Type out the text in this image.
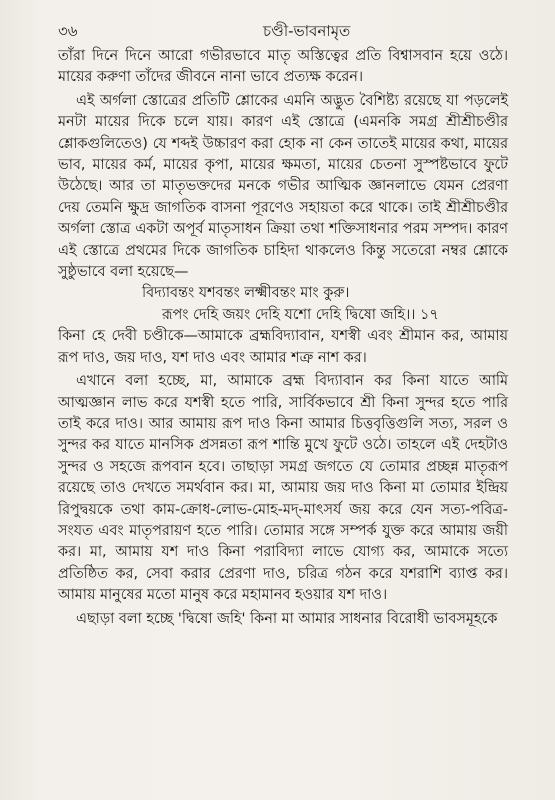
৩৬	চণ্ডী-ভাবনামৃত

তাঁরা দিনে দিনে আরো গভীরভাবে মাতৃ অস্তিত্বের প্রতি বিশ্বাসবান হয়ে ওঠে। মায়ের করুণা তাঁদের জীবনে নানা ভাবে প্রত্যক্ষ করেন।

এই অর্গলা স্তোত্রের প্রতিটি শ্লোকের এমনি অদ্ভুত বৈশিষ্ট্য রয়েছে যা পড়লেই মনটা মায়ের দিকে চলে যায়। কারণ এই স্তোত্রে (এমনকি সমগ্র শ্রীশ্রীচণ্ডীর শ্লোকগুলিতেও) যে শব্দই উচ্চারণ করা হোক না কেন তাতেই মায়ের কথা, মায়ের ভাব, মায়ের কর্ম, মায়ের কৃপা, মায়ের ক্ষমতা, মায়ের চেতনা সুস্পষ্টভাবে ফুটে উঠেছে। আর তা মাতৃভক্তদের মনকে গভীর আত্মিক জ্ঞানলাভে যেমন প্রেরণা দেয় তেমনি ক্ষুদ্র জাগতিক বাসনা পূরণেও সহায়তা করে থাকে। তাই শ্রীশ্রীচণ্ডীর অর্গলা স্তোত্র একটা অপূর্ব মাতৃসাধন ক্রিয়া তথা শক্তিসাধনার পরম সম্পদ। কারণ এই স্তোত্রে প্রথমের দিকে জাগতিক চাহিদা থাকলেও কিন্তু সতেরো নম্বর শ্লোকে সুষ্ঠুভাবে বলা হয়েছে—

বিদ্যাবন্তং যশবন্তং লক্ষ্মীবন্তং মাং কুরু।
রূপং দেহি জয়ং দেহি যশো দেহি দ্বিষো জহি।। ১৭

কিনা হে দেবী চণ্ডীকে—আমাকে ব্রহ্মবিদ্যাবান, যশস্বী এবং শ্রীমান কর, আমায় রূপ দাও, জয় দাও, যশ দাও এবং আমার শত্রু নাশ কর।

এখানে বলা হচ্ছে, মা, আমাকে ব্রহ্ম বিদ্যাবান কর কিনা যাতে আমি আত্মজ্ঞান লাভ করে যশস্বী হতে পারি, সার্বিকভাবে শ্রী কিনা সুন্দর হতে পারি তাই করে দাও। আর আমায় রূপ দাও কিনা আমার চিত্তবৃত্তিগুলি সত্য, সরল ও সুন্দর কর যাতে মানসিক প্রসন্নতা রূপ শান্তি মুখে ফুটে ওঠে। তাহলে এই দেহটাও সুন্দর ও সহজে রূপবান হবে। তাছাড়া সমগ্র জগতে যে তোমার প্রচ্ছন্ন মাতৃরূপ রয়েছে তাও দেখতে সমর্থবান কর। মা, আমায় জয় দাও কিনা মা তোমার ইন্দ্রিয় রিপুদ্বয়কে তথা কাম-ক্রোধ-লোভ-মোহ-মদ্-মাৎসর্য জয় করে যেন সত্য-পবিত্র-সংযত এবং মাতৃপরায়ণ হতে পারি। তোমার সঙ্গে সম্পর্ক যুক্ত করে আমায় জয়ী কর। মা, আমায় যশ দাও কিনা পরাবিদ্যা লাভে যোগ্য কর, আমাকে সত্যে প্রতিষ্ঠিত কর, সেবা করার প্রেরণা দাও, চরিত্র গঠন করে যশরাশি ব্যাপ্ত কর। আমায় মানুষের মতো মানুষ করে মহামানব হওয়ার যশ দাও।

এছাড়া বলা হচ্ছে 'দ্বিষো জহি' কিনা মা আমার সাধনার বিরোধী ভাবসমূহকে
